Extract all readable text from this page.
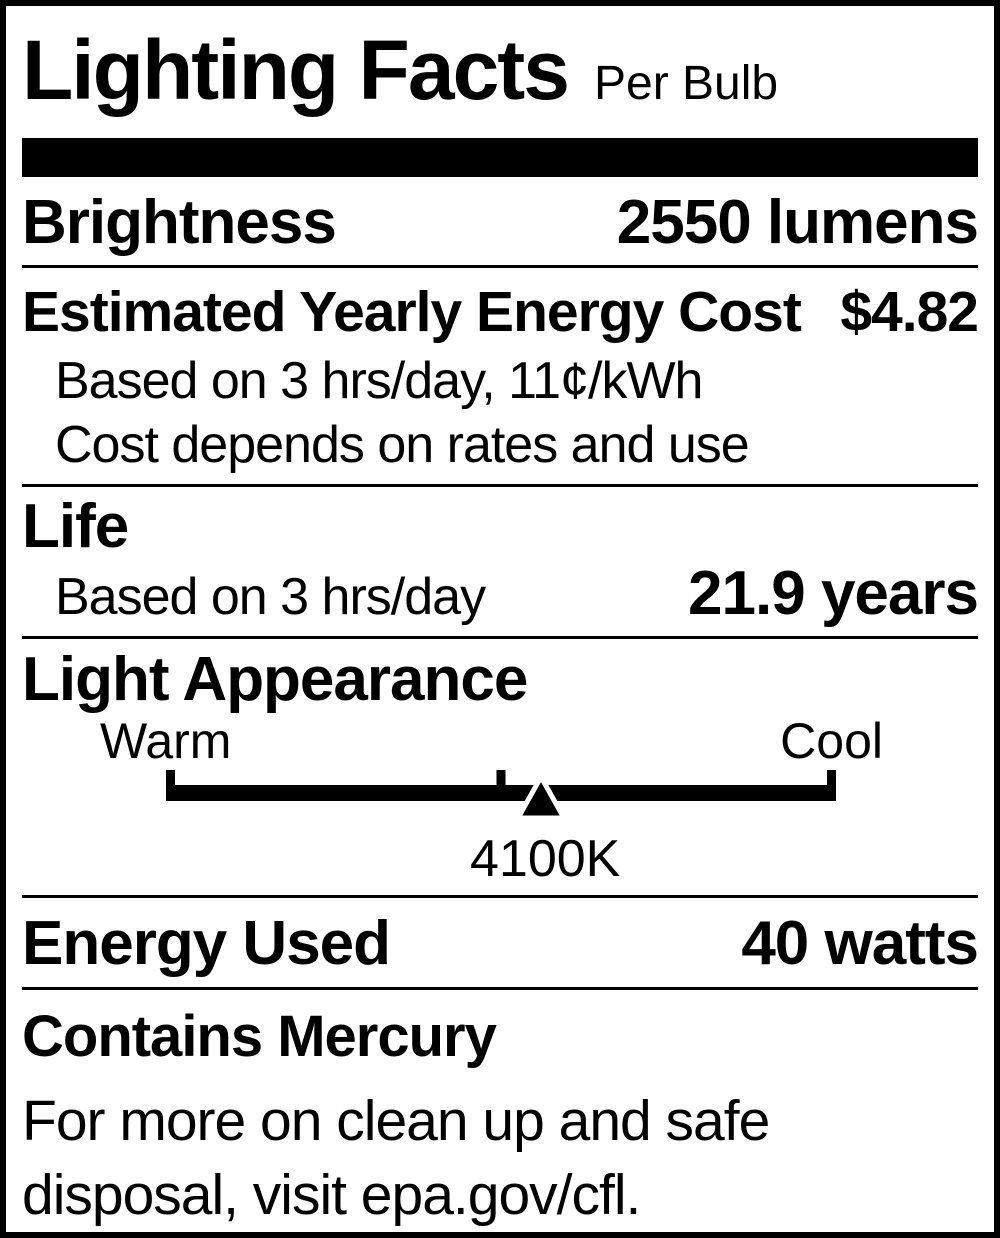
Lighting Facts Per Bulb
Brightness	2550 lumens
Estimated Yearly Energy Cost $4.82
Based on 3 hrs/day, 11¢/kWh
Cost depends on rates and use
Life
Based on 3 hrs/day	21.9 years
Light Appearance
Warm	Cool
4100K
Energy Used	40 watts
Contains Mercury
For more on clean up and safe disposal, visit epa.gov/cfl.
